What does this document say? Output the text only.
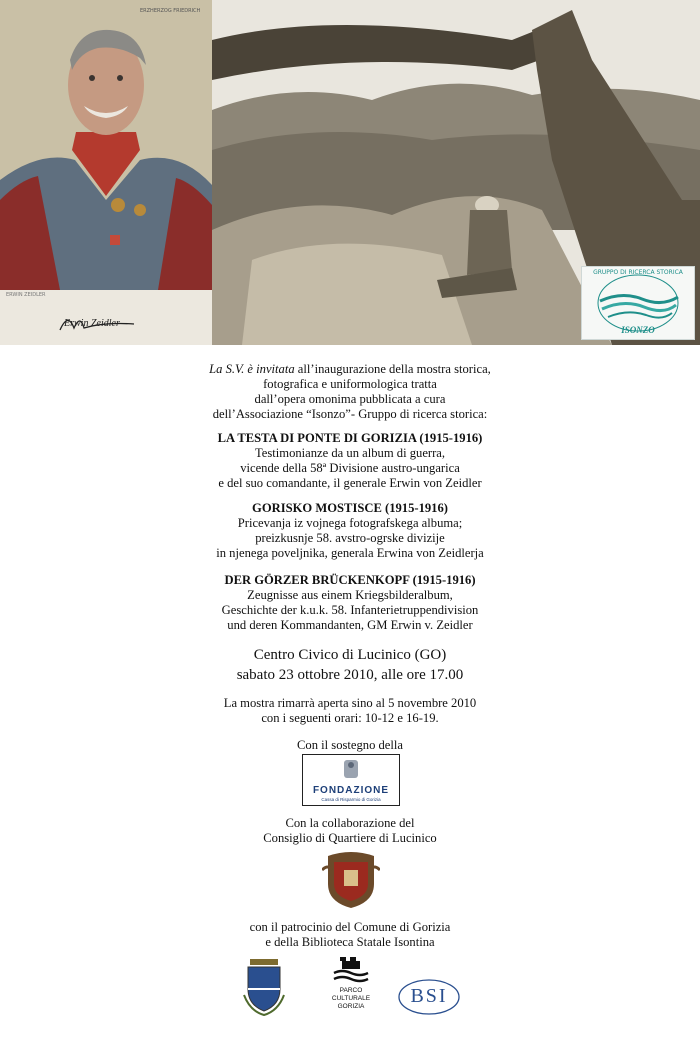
ERWIN ZEIDLER
Erwin Zeidler
ERZHERZOG FRIEDRICH
GRUPPO DI RICERCA STORICA
ISONZO

La S.V. è invitata all’inaugurazione della mostra storica,

fotografica e uniformologica tratta

dall’opera omonima pubblicata a cura

dell’Associazione “Isonzo”- Gruppo di ricerca storica:

LA TESTA DI PONTE DI GORIZIA (1915-1916)

Testimonianze da un album di guerra,

vicende della 58ª Divisione austro-ungarica

e del suo comandante, il generale Erwin von Zeidler

GORISKO MOSTISCE (1915-1916)

Pricevanja iz vojnega fotografskega albuma;

preizkusnje 58. avstro-ogrske divizije

in njenega poveljnika, generala Erwina von Zeidlerja

DER GÖRZER BRÜCKENKOPF (1915-1916)

Zeugnisse aus einem Kriegsbilderalbum,

Geschichte der k.u.k. 58. Infanterietruppendivision

und deren Kommandanten, GM Erwin v. Zeidler

Centro Civico di Lucinico (GO)

sabato 23 ottobre 2010, alle ore 17.00

La mostra rimarrà aperta sino al 5 novembre 2010

con i seguenti orari: 10-12 e 16-19.

Con il sostegno della

FONDAZIONE
Cassa di Risparmio di Gorizia

Con la collaborazione del

Consiglio di Quartiere di Lucinico

con il patrocinio del Comune di Gorizia

e della Biblioteca Statale Isontina

PARCO
CULTURALE
GORIZIA	BSI
